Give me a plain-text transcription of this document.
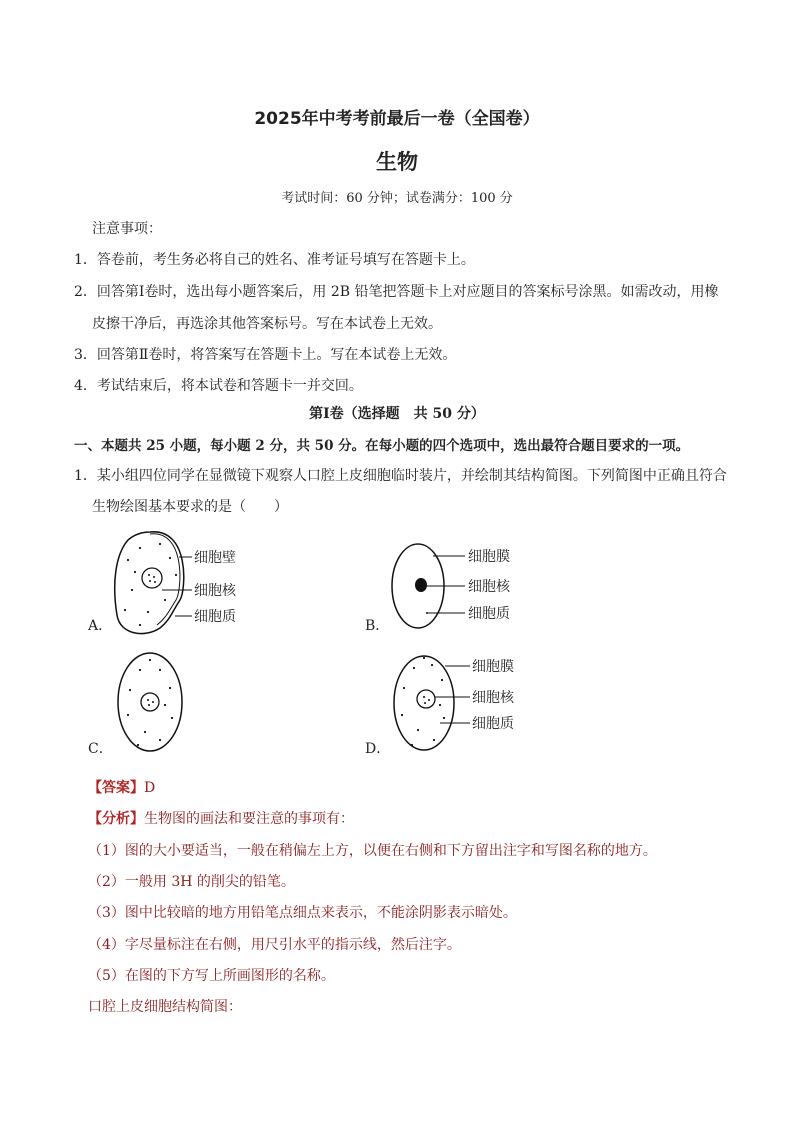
2025年中考考前最后一卷（全国卷）
生物
考试时间：60 分钟；试卷满分：100 分
注意事项：
1．答卷前，考生务必将自己的姓名、准考证号填写在答题卡上。
2．回答第Ⅰ卷时，选出每小题答案后，用 2B 铅笔把答题卡上对应题目的答案标号涂黑。如需改动，用橡
皮擦干净后，再选涂其他答案标号。写在本试卷上无效。
3．回答第Ⅱ卷时，将答案写在答题卡上。写在本试卷上无效。
4．考试结束后，将本试卷和答题卡一并交回。
第Ⅰ卷（选择题　共 50 分）
一、本题共 25 小题，每小题 2 分，共 50 分。在每小题的四个选项中，选出最符合题目要求的一项。
1．某小组四位同学在显微镜下观察人口腔上皮细胞临时装片，并绘制其结构简图。下列简图中正确且符合
生物绘图基本要求的是（　　）
细胞壁
细胞核
细胞质
A．
细胞膜
细胞核
细胞质
B．
C．
细胞膜
细胞核
细胞质
D．
【答案】D
【分析】生物图的画法和要注意的事项有：
（1）图的大小要适当，一般在稍偏左上方，以便在右侧和下方留出注字和写图名称的地方。
（2）一般用 3H 的削尖的铅笔。
（3）图中比较暗的地方用铅笔点细点来表示，不能涂阴影表示暗处。
（4）字尽量标注在右侧，用尺引水平的指示线，然后注字。
（5）在图的下方写上所画图形的名称。
口腔上皮细胞结构简图：
